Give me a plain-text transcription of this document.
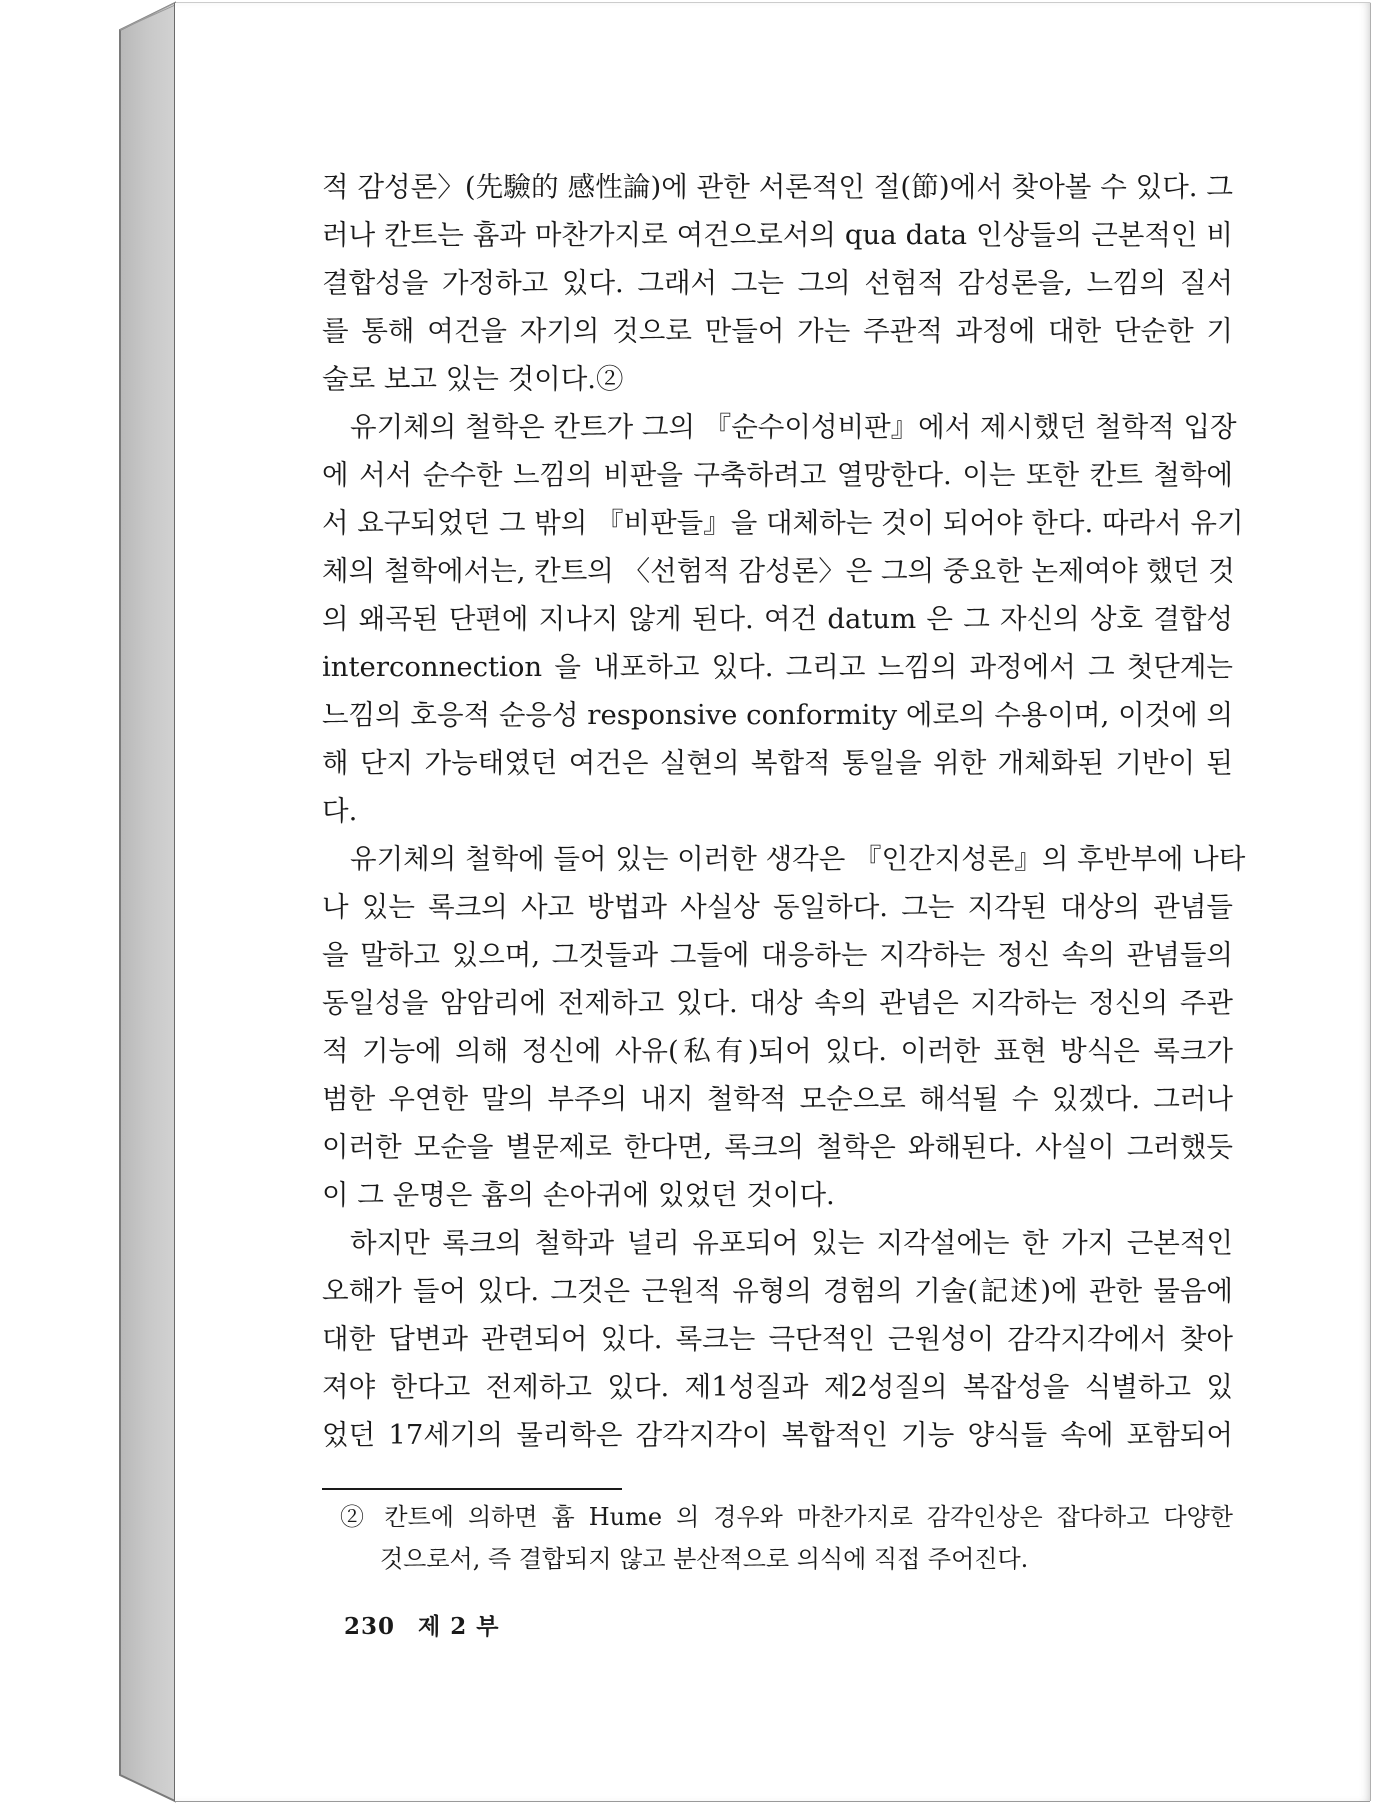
적 감성론〉(先驗的 感性論)에 관한 서론적인 절(節)에서 찾아볼 수 있다. 그
러나 칸트는 흄과 마찬가지로 여건으로서의 qua data 인상들의 근본적인 비
결합성을 가정하고 있다. 그래서 그는 그의 선험적 감성론을, 느낌의 질서
를 통해 여건을 자기의 것으로 만들어 가는 주관적 과정에 대한 단순한 기
술로 보고 있는 것이다.②

유기체의 철학은 칸트가 그의 『순수이성비판』에서 제시했던 철학적 입장
에 서서 순수한 느낌의 비판을 구축하려고 열망한다. 이는 또한 칸트 철학에
서 요구되었던 그 밖의 『비판들』을 대체하는 것이 되어야 한다. 따라서 유기
체의 철학에서는, 칸트의 〈선험적 감성론〉은 그의 중요한 논제여야 했던 것
의 왜곡된 단편에 지나지 않게 된다. 여건 datum 은 그 자신의 상호 결합성
interconnection 을 내포하고 있다. 그리고 느낌의 과정에서 그 첫단계는
느낌의 호응적 순응성 responsive conformity 에로의 수용이며, 이것에 의
해 단지 가능태였던 여건은 실현의 복합적 통일을 위한 개체화된 기반이 된
다.

유기체의 철학에 들어 있는 이러한 생각은 『인간지성론』의 후반부에 나타
나 있는 록크의 사고 방법과 사실상 동일하다. 그는 지각된 대상의 관념들
을 말하고 있으며, 그것들과 그들에 대응하는 지각하는 정신 속의 관념들의
동일성을 암암리에 전제하고 있다. 대상 속의 관념은 지각하는 정신의 주관
적 기능에 의해 정신에 사유(私有)되어 있다. 이러한 표현 방식은 록크가
범한 우연한 말의 부주의 내지 철학적 모순으로 해석될 수 있겠다. 그러나
이러한 모순을 별문제로 한다면, 록크의 철학은 와해된다. 사실이 그러했듯
이 그 운명은 흄의 손아귀에 있었던 것이다.

하지만 록크의 철학과 널리 유포되어 있는 지각설에는 한 가지 근본적인
오해가 들어 있다. 그것은 근원적 유형의 경험의 기술(記述)에 관한 물음에
대한 답변과 관련되어 있다. 록크는 극단적인 근원성이 감각지각에서 찾아
져야 한다고 전제하고 있다. 제1성질과 제2성질의 복잡성을 식별하고 있
었던 17세기의 물리학은 감각지각이 복합적인 기능 양식들 속에 포함되어

② 칸트에 의하면 흄 Hume 의 경우와 마찬가지로 감각인상은 잡다하고 다양한
것으로서, 즉 결합되지 않고 분산적으로 의식에 직접 주어진다.
230 제 2 부
